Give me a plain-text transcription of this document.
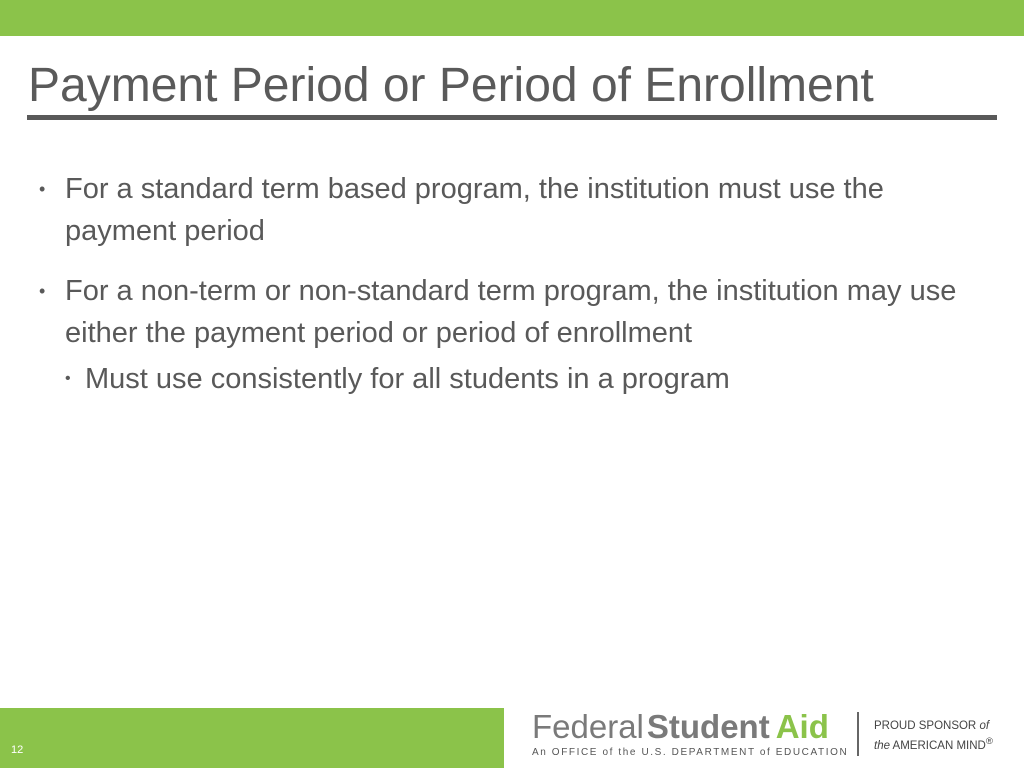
Payment Period or Period of Enrollment
• For a standard term based program, the institution must use the payment period
• For a non-term or non-standard term program, the institution may use either the payment period or period of enrollment
• Must use consistently for all students in a program
12
FederalStudent Aid
An OFFICE of the U.S. DEPARTMENT of EDUCATION
PROUD SPONSOR of
the AMERICAN MIND®
